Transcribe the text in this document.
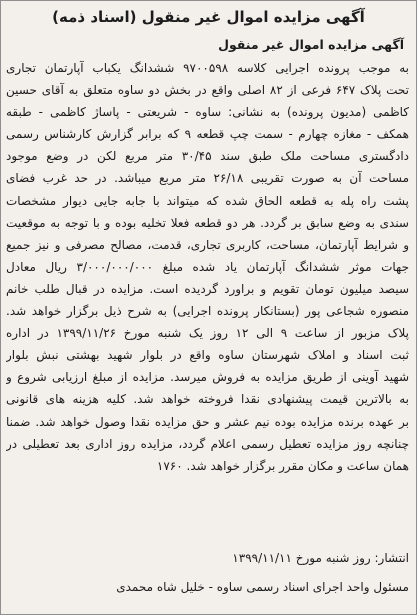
آگهی مزایده اموال غیر منقول (اسناد ذمه)
آگهی مزایده اموال غیر منقول
به موجب پرونده اجرایی کلاسه ۹۷۰۰۵۹۸ ششدانگ یکباب آپارتمان تجاری
تحت پلاک ۶۴۷ فرعی از ۸۲ اصلی واقع در بخش دو ساوه متعلق به آقای حسین
کاظمی (مدیون پرونده) به نشانی: ساوه - شریعتی - پاساژ کاظمی - طبقه
همکف - مغازه چهارم - سمت چپ قطعه ۹ که برابر گزارش کارشناس رسمی
دادگستری مساحت ملک طبق سند ۳۰/۴۵ متر مربع لکن در وضع موجود
مساحت آن به صورت تقریبی ۲۶/۱۸ متر مربع میباشد. در حد غرب فضای
پشت راه پله به قطعه الحاق شده که میتواند با جابه جایی دیوار مشخصات
سندی به وضع سابق بر گردد. هر دو قطعه فعلا تخلیه بوده و با توجه به موقعیت
و شرایط آپارتمان، مساحت، کاربری تجاری، قدمت، مصالح مصرفی و نیز جمیع
جهات موثر ششدانگ آپارتمان یاد شده مبلغ ۳/۰۰۰/۰۰۰/۰۰۰ ریال معادل
سیصد میلیون تومان تقویم و براورد گردیده است. مزایده در قبال طلب خانم
منصوره شجاعی پور (بستانکار پرونده اجرایی) به شرح ذیل برگزار خواهد شد.
پلاک مزبور از ساعت ۹ الی ۱۲ روز یک شنبه مورخ ۱۳۹۹/۱۱/۲۶ در اداره
ثبت اسناد و املاک شهرستان ساوه واقع در بلوار شهید بهشتی نبش بلوار
شهید آوینی از طریق مزایده به فروش میرسد. مزایده از مبلغ ارزیابی شروع و
به بالاترین قیمت پیشنهادی نقدا فروخته خواهد شد. کلیه هزینه های قانونی
بر عهده برنده مزایده بوده نیم عشر و حق مزایده نقدا وصول خواهد شد. ضمنا
چنانچه روز مزایده تعطیل رسمی اعلام گردد، مزایده روز اداری بعد تعطیلی در
همان ساعت و مکان مقرر برگزار خواهد شد. ۱۷۶۰

انتشار: روز شنبه مورخ ۱۳۹۹/۱۱/۱۱

مسئول واحد اجرای اسناد رسمی ساوه - خلیل شاه محمدی
